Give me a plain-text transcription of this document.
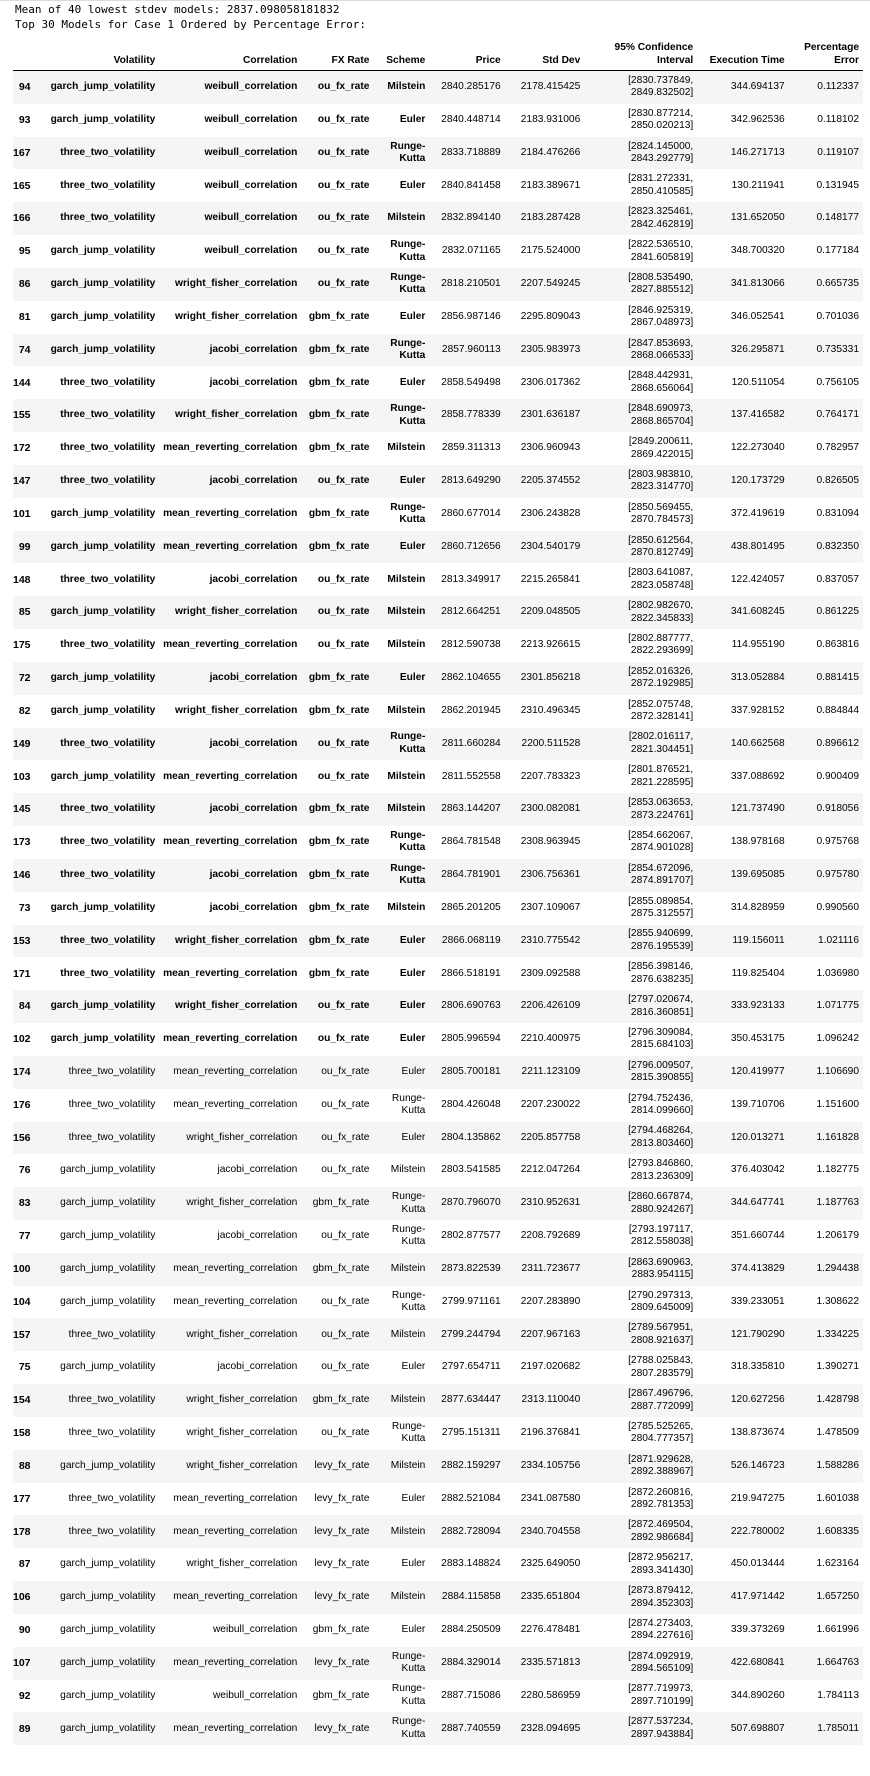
Mean of 40 lowest stdev models: 2837.098058181832
Top 30 Models for Case 1 Ordered by Percentage Error:
	Volatility	Correlation	FX Rate	Scheme	Price	Std Dev	95% Confidence Interval	Execution Time	Percentage Error
94	garch_jump_volatility	weibull_correlation	ou_fx_rate	Milstein	2840.285176	2178.415425	[2830.737849, 2849.832502]	344.694137	0.112337
93	garch_jump_volatility	weibull_correlation	ou_fx_rate	Euler	2840.448714	2183.931006	[2830.877214, 2850.020213]	342.962536	0.118102
167	three_two_volatility	weibull_correlation	ou_fx_rate	Runge-Kutta	2833.718889	2184.476266	[2824.145000, 2843.292779]	146.271713	0.119107
165	three_two_volatility	weibull_correlation	ou_fx_rate	Euler	2840.841458	2183.389671	[2831.272331, 2850.410585]	130.211941	0.131945
166	three_two_volatility	weibull_correlation	ou_fx_rate	Milstein	2832.894140	2183.287428	[2823.325461, 2842.462819]	131.652050	0.148177
95	garch_jump_volatility	weibull_correlation	ou_fx_rate	Runge-Kutta	2832.071165	2175.524000	[2822.536510, 2841.605819]	348.700320	0.177184
86	garch_jump_volatility	wright_fisher_correlation	ou_fx_rate	Runge-Kutta	2818.210501	2207.549245	[2808.535490, 2827.885512]	341.813066	0.665735
81	garch_jump_volatility	wright_fisher_correlation	gbm_fx_rate	Euler	2856.987146	2295.809043	[2846.925319, 2867.048973]	346.052541	0.701036
74	garch_jump_volatility	jacobi_correlation	gbm_fx_rate	Runge-Kutta	2857.960113	2305.983973	[2847.853693, 2868.066533]	326.295871	0.735331
144	three_two_volatility	jacobi_correlation	gbm_fx_rate	Euler	2858.549498	2306.017362	[2848.442931, 2868.656064]	120.511054	0.756105
155	three_two_volatility	wright_fisher_correlation	gbm_fx_rate	Runge-Kutta	2858.778339	2301.636187	[2848.690973, 2868.865704]	137.416582	0.764171
172	three_two_volatility	mean_reverting_correlation	gbm_fx_rate	Milstein	2859.311313	2306.960943	[2849.200611, 2869.422015]	122.273040	0.782957
147	three_two_volatility	jacobi_correlation	ou_fx_rate	Euler	2813.649290	2205.374552	[2803.983810, 2823.314770]	120.173729	0.826505
101	garch_jump_volatility	mean_reverting_correlation	gbm_fx_rate	Runge-Kutta	2860.677014	2306.243828	[2850.569455, 2870.784573]	372.419619	0.831094
99	garch_jump_volatility	mean_reverting_correlation	gbm_fx_rate	Euler	2860.712656	2304.540179	[2850.612564, 2870.812749]	438.801495	0.832350
148	three_two_volatility	jacobi_correlation	ou_fx_rate	Milstein	2813.349917	2215.265841	[2803.641087, 2823.058748]	122.424057	0.837057
85	garch_jump_volatility	wright_fisher_correlation	ou_fx_rate	Milstein	2812.664251	2209.048505	[2802.982670, 2822.345833]	341.608245	0.861225
175	three_two_volatility	mean_reverting_correlation	ou_fx_rate	Milstein	2812.590738	2213.926615	[2802.887777, 2822.293699]	114.955190	0.863816
72	garch_jump_volatility	jacobi_correlation	gbm_fx_rate	Euler	2862.104655	2301.856218	[2852.016326, 2872.192985]	313.052884	0.881415
82	garch_jump_volatility	wright_fisher_correlation	gbm_fx_rate	Milstein	2862.201945	2310.496345	[2852.075748, 2872.328141]	337.928152	0.884844
149	three_two_volatility	jacobi_correlation	ou_fx_rate	Runge-Kutta	2811.660284	2200.511528	[2802.016117, 2821.304451]	140.662568	0.896612
103	garch_jump_volatility	mean_reverting_correlation	ou_fx_rate	Milstein	2811.552558	2207.783323	[2801.876521, 2821.228595]	337.088692	0.900409
145	three_two_volatility	jacobi_correlation	gbm_fx_rate	Milstein	2863.144207	2300.082081	[2853.063653, 2873.224761]	121.737490	0.918056
173	three_two_volatility	mean_reverting_correlation	gbm_fx_rate	Runge-Kutta	2864.781548	2308.963945	[2854.662067, 2874.901028]	138.978168	0.975768
146	three_two_volatility	jacobi_correlation	gbm_fx_rate	Runge-Kutta	2864.781901	2306.756361	[2854.672096, 2874.891707]	139.695085	0.975780
73	garch_jump_volatility	jacobi_correlation	gbm_fx_rate	Milstein	2865.201205	2307.109067	[2855.089854, 2875.312557]	314.828959	0.990560
153	three_two_volatility	wright_fisher_correlation	gbm_fx_rate	Euler	2866.068119	2310.775542	[2855.940699, 2876.195539]	119.156011	1.021116
171	three_two_volatility	mean_reverting_correlation	gbm_fx_rate	Euler	2866.518191	2309.092588	[2856.398146, 2876.638235]	119.825404	1.036980
84	garch_jump_volatility	wright_fisher_correlation	ou_fx_rate	Euler	2806.690763	2206.426109	[2797.020674, 2816.360851]	333.923133	1.071775
102	garch_jump_volatility	mean_reverting_correlation	ou_fx_rate	Euler	2805.996594	2210.400975	[2796.309084, 2815.684103]	350.453175	1.096242
174	three_two_volatility	mean_reverting_correlation	ou_fx_rate	Euler	2805.700181	2211.123109	[2796.009507, 2815.390855]	120.419977	1.106690
176	three_two_volatility	mean_reverting_correlation	ou_fx_rate	Runge-Kutta	2804.426048	2207.230022	[2794.752436, 2814.099660]	139.710706	1.151600
156	three_two_volatility	wright_fisher_correlation	ou_fx_rate	Euler	2804.135862	2205.857758	[2794.468264, 2813.803460]	120.013271	1.161828
76	garch_jump_volatility	jacobi_correlation	ou_fx_rate	Milstein	2803.541585	2212.047264	[2793.846860, 2813.236309]	376.403042	1.182775
83	garch_jump_volatility	wright_fisher_correlation	gbm_fx_rate	Runge-Kutta	2870.796070	2310.952631	[2860.667874, 2880.924267]	344.647741	1.187763
77	garch_jump_volatility	jacobi_correlation	ou_fx_rate	Runge-Kutta	2802.877577	2208.792689	[2793.197117, 2812.558038]	351.660744	1.206179
100	garch_jump_volatility	mean_reverting_correlation	gbm_fx_rate	Milstein	2873.822539	2311.723677	[2863.690963, 2883.954115]	374.413829	1.294438
104	garch_jump_volatility	mean_reverting_correlation	ou_fx_rate	Runge-Kutta	2799.971161	2207.283890	[2790.297313, 2809.645009]	339.233051	1.308622
157	three_two_volatility	wright_fisher_correlation	ou_fx_rate	Milstein	2799.244794	2207.967163	[2789.567951, 2808.921637]	121.790290	1.334225
75	garch_jump_volatility	jacobi_correlation	ou_fx_rate	Euler	2797.654711	2197.020682	[2788.025843, 2807.283579]	318.335810	1.390271
154	three_two_volatility	wright_fisher_correlation	gbm_fx_rate	Milstein	2877.634447	2313.110040	[2867.496796, 2887.772099]	120.627256	1.428798
158	three_two_volatility	wright_fisher_correlation	ou_fx_rate	Runge-Kutta	2795.151311	2196.376841	[2785.525265, 2804.777357]	138.873674	1.478509
88	garch_jump_volatility	wright_fisher_correlation	levy_fx_rate	Milstein	2882.159297	2334.105756	[2871.929628, 2892.388967]	526.146723	1.588286
177	three_two_volatility	mean_reverting_correlation	levy_fx_rate	Euler	2882.521084	2341.087580	[2872.260816, 2892.781353]	219.947275	1.601038
178	three_two_volatility	mean_reverting_correlation	levy_fx_rate	Milstein	2882.728094	2340.704558	[2872.469504, 2892.986684]	222.780002	1.608335
87	garch_jump_volatility	wright_fisher_correlation	levy_fx_rate	Euler	2883.148824	2325.649050	[2872.956217, 2893.341430]	450.013444	1.623164
106	garch_jump_volatility	mean_reverting_correlation	levy_fx_rate	Milstein	2884.115858	2335.651804	[2873.879412, 2894.352303]	417.971442	1.657250
90	garch_jump_volatility	weibull_correlation	gbm_fx_rate	Euler	2884.250509	2276.478481	[2874.273403, 2894.227616]	339.373269	1.661996
107	garch_jump_volatility	mean_reverting_correlation	levy_fx_rate	Runge-Kutta	2884.329014	2335.571813	[2874.092919, 2894.565109]	422.680841	1.664763
92	garch_jump_volatility	weibull_correlation	gbm_fx_rate	Runge-Kutta	2887.715086	2280.586959	[2877.719973, 2897.710199]	344.890260	1.784113
89	garch_jump_volatility	mean_reverting_correlation	levy_fx_rate	Runge-Kutta	2887.740559	2328.094695	[2877.537234, 2897.943884]	507.698807	1.785011
